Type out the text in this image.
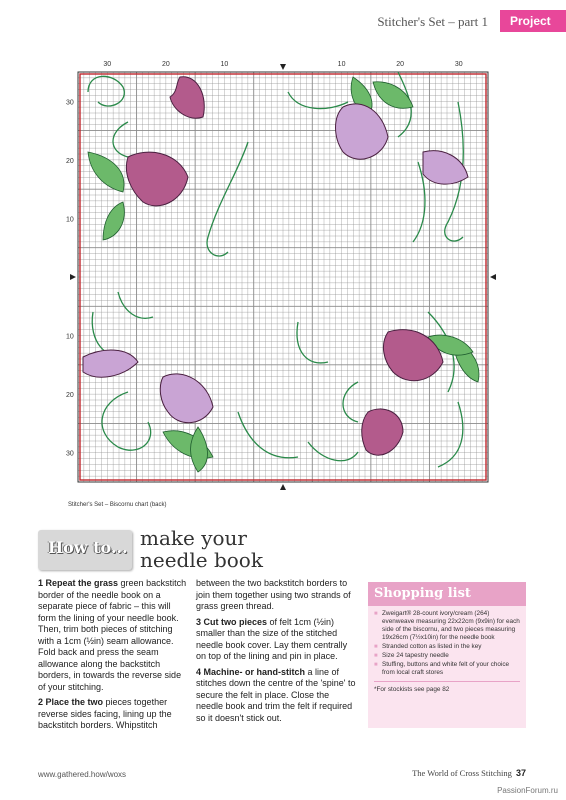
Stitcher's Set – part 1	Project
30	20	10	10	20	30
30
20
10
10
20
30
Stitcher's Set – Biscornu chart (back)
How to... make your
needle book

1 Repeat the grass green backstitch border of the needle book on a separate piece of fabric – this will form the lining of your needle book. Then, trim both pieces of stitching with a 1cm (½in) seam allowance. Fold back and press the seam allowance along the backstitch borders, in towards the reverse side of your stitching.

2 Place the two pieces together reverse sides facing, lining up the backstitch borders. Whipstitch

between the two backstitch borders to join them together using two strands of grass green thread.

3 Cut two pieces of felt 1cm (½in) smaller than the size of the stitched needle book cover. Lay them centrally on top of the lining and pin in place.

4 Machine- or hand-stitch a line of stitches down the centre of the 'spine' to secure the felt in place. Close the needle book and trim the felt if required so it doesn't stick out.

Shopping list
■ Zweigart® 28-count ivory/cream (264) evenweave measuring 22x22cm (9x9in) for each side of the biscornu, and two pieces measuring 19x26cm (7½x10in) for the needle book
■ Stranded cotton as listed in the key
■ Size 24 tapestry needle
■ Stuffing, buttons and white felt of your choice from local craft stores
*For stockists see page 82
www.gathered.how/woxs	The World of Cross Stitching 37
PassionForum.ru
